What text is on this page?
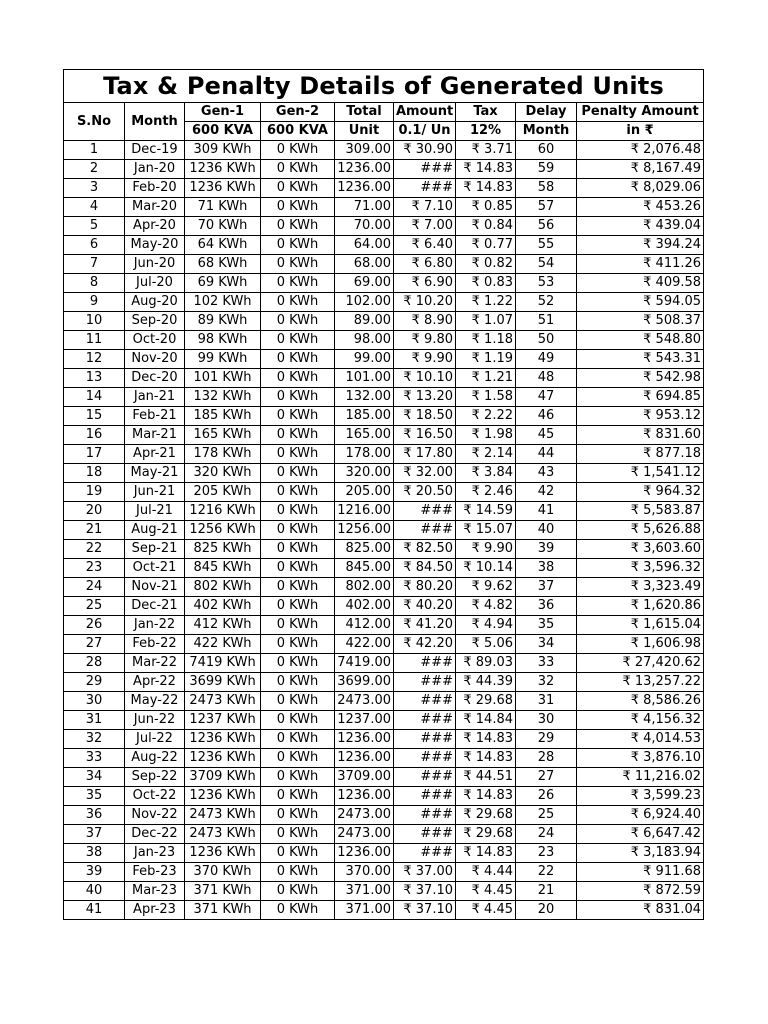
Tax & Penalty Details of Generated Units								
S.No	Month	Gen-1	Gen-2	Total	Amount	Tax	Delay	Penalty Amount
		600 KVA	600 KVA	Unit	0.1/ Un	12%	Month	in ₹
1	Dec-19	309 KWh	0 KWh	309.00	₹ 30.90	₹ 3.71	60	₹ 2,076.48
2	Jan-20	1236 KWh	0 KWh	1236.00	###	₹ 14.83	59	₹ 8,167.49
3	Feb-20	1236 KWh	0 KWh	1236.00	###	₹ 14.83	58	₹ 8,029.06
4	Mar-20	71 KWh	0 KWh	71.00	₹ 7.10	₹ 0.85	57	₹ 453.26
5	Apr-20	70 KWh	0 KWh	70.00	₹ 7.00	₹ 0.84	56	₹ 439.04
6	May-20	64 KWh	0 KWh	64.00	₹ 6.40	₹ 0.77	55	₹ 394.24
7	Jun-20	68 KWh	0 KWh	68.00	₹ 6.80	₹ 0.82	54	₹ 411.26
8	Jul-20	69 KWh	0 KWh	69.00	₹ 6.90	₹ 0.83	53	₹ 409.58
9	Aug-20	102 KWh	0 KWh	102.00	₹ 10.20	₹ 1.22	52	₹ 594.05
10	Sep-20	89 KWh	0 KWh	89.00	₹ 8.90	₹ 1.07	51	₹ 508.37
11	Oct-20	98 KWh	0 KWh	98.00	₹ 9.80	₹ 1.18	50	₹ 548.80
12	Nov-20	99 KWh	0 KWh	99.00	₹ 9.90	₹ 1.19	49	₹ 543.31
13	Dec-20	101 KWh	0 KWh	101.00	₹ 10.10	₹ 1.21	48	₹ 542.98
14	Jan-21	132 KWh	0 KWh	132.00	₹ 13.20	₹ 1.58	47	₹ 694.85
15	Feb-21	185 KWh	0 KWh	185.00	₹ 18.50	₹ 2.22	46	₹ 953.12
16	Mar-21	165 KWh	0 KWh	165.00	₹ 16.50	₹ 1.98	45	₹ 831.60
17	Apr-21	178 KWh	0 KWh	178.00	₹ 17.80	₹ 2.14	44	₹ 877.18
18	May-21	320 KWh	0 KWh	320.00	₹ 32.00	₹ 3.84	43	₹ 1,541.12
19	Jun-21	205 KWh	0 KWh	205.00	₹ 20.50	₹ 2.46	42	₹ 964.32
20	Jul-21	1216 KWh	0 KWh	1216.00	###	₹ 14.59	41	₹ 5,583.87
21	Aug-21	1256 KWh	0 KWh	1256.00	###	₹ 15.07	40	₹ 5,626.88
22	Sep-21	825 KWh	0 KWh	825.00	₹ 82.50	₹ 9.90	39	₹ 3,603.60
23	Oct-21	845 KWh	0 KWh	845.00	₹ 84.50	₹ 10.14	38	₹ 3,596.32
24	Nov-21	802 KWh	0 KWh	802.00	₹ 80.20	₹ 9.62	37	₹ 3,323.49
25	Dec-21	402 KWh	0 KWh	402.00	₹ 40.20	₹ 4.82	36	₹ 1,620.86
26	Jan-22	412 KWh	0 KWh	412.00	₹ 41.20	₹ 4.94	35	₹ 1,615.04
27	Feb-22	422 KWh	0 KWh	422.00	₹ 42.20	₹ 5.06	34	₹ 1,606.98
28	Mar-22	7419 KWh	0 KWh	7419.00	###	₹ 89.03	33	₹ 27,420.62
29	Apr-22	3699 KWh	0 KWh	3699.00	###	₹ 44.39	32	₹ 13,257.22
30	May-22	2473 KWh	0 KWh	2473.00	###	₹ 29.68	31	₹ 8,586.26
31	Jun-22	1237 KWh	0 KWh	1237.00	###	₹ 14.84	30	₹ 4,156.32
32	Jul-22	1236 KWh	0 KWh	1236.00	###	₹ 14.83	29	₹ 4,014.53
33	Aug-22	1236 KWh	0 KWh	1236.00	###	₹ 14.83	28	₹ 3,876.10
34	Sep-22	3709 KWh	0 KWh	3709.00	###	₹ 44.51	27	₹ 11,216.02
35	Oct-22	1236 KWh	0 KWh	1236.00	###	₹ 14.83	26	₹ 3,599.23
36	Nov-22	2473 KWh	0 KWh	2473.00	###	₹ 29.68	25	₹ 6,924.40
37	Dec-22	2473 KWh	0 KWh	2473.00	###	₹ 29.68	24	₹ 6,647.42
38	Jan-23	1236 KWh	0 KWh	1236.00	###	₹ 14.83	23	₹ 3,183.94
39	Feb-23	370 KWh	0 KWh	370.00	₹ 37.00	₹ 4.44	22	₹ 911.68
40	Mar-23	371 KWh	0 KWh	371.00	₹ 37.10	₹ 4.45	21	₹ 872.59
41	Apr-23	371 KWh	0 KWh	371.00	₹ 37.10	₹ 4.45	20	₹ 831.04
